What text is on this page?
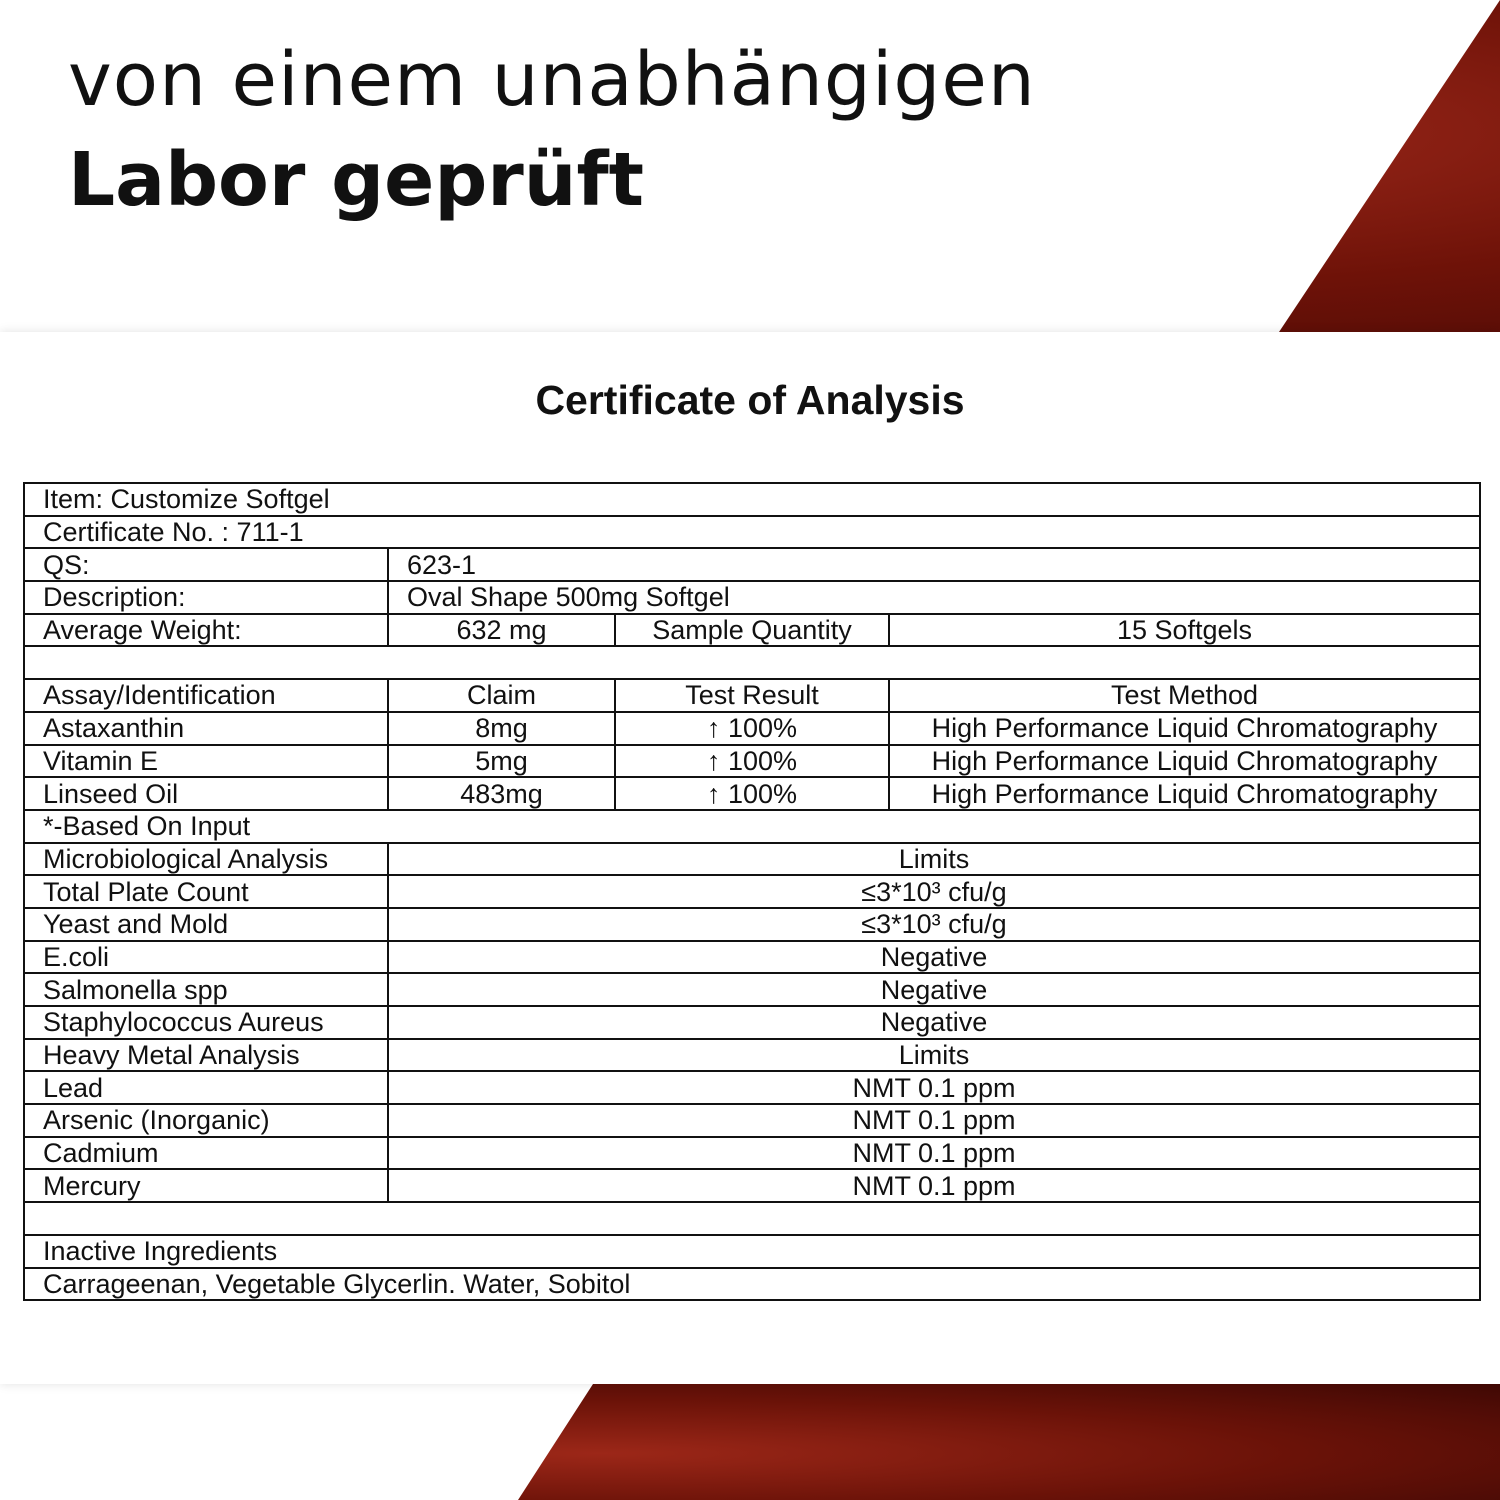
von einem unabhängigen
Labor geprüft
Certificate of Analysis
Item: Customize Softgel			
Certificate No. : 711-1			
QS:	623-1		
Description:	Oval Shape 500mg Softgel		
Average Weight:	632 mg	Sample Quantity	15 Softgels

Assay/Identification	Claim	Test Result	Test Method
Astaxanthin	8mg	↑ 100%	High Performance Liquid Chromatography
Vitamin E	5mg	↑ 100%	High Performance Liquid Chromatography
Linseed Oil	483mg	↑ 100%	High Performance Liquid Chromatography
*-Based On Input			
Microbiological Analysis	Limits		
Total Plate Count	≤3*10³ cfu/g		
Yeast and Mold	≤3*10³ cfu/g		
E.coli	Negative		
Salmonella spp	Negative		
Staphylococcus Aureus	Negative		
Heavy Metal Analysis	Limits		
Lead	NMT 0.1 ppm		
Arsenic (Inorganic)	NMT 0.1 ppm		
Cadmium	NMT 0.1 ppm		
Mercury	NMT 0.1 ppm		

Inactive Ingredients			
Carrageenan, Vegetable Glycerlin. Water, Sobitol			
